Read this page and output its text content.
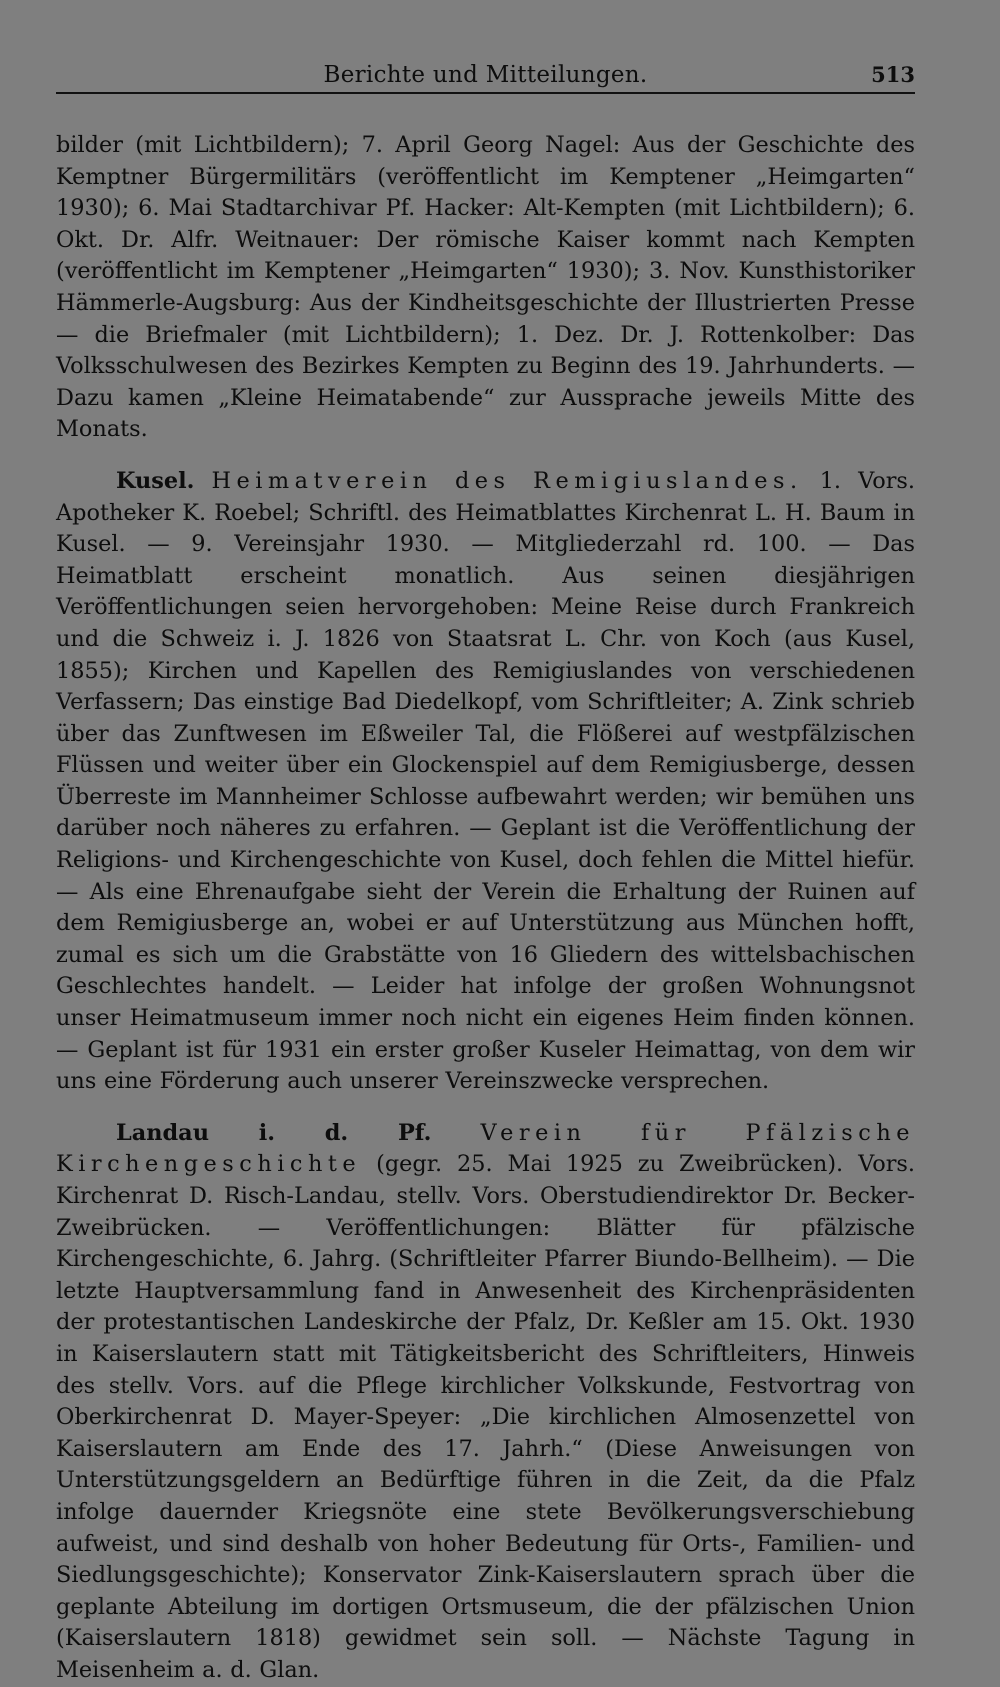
Berichte und Mitteilungen.	513

bilder (mit Lichtbildern); 7. April Georg Nagel: Aus der Geschichte des Kemptner Bürgermilitärs (veröffentlicht im Kemptener „Heimgarten“ 1930); 6. Mai Stadtarchivar Pf. Hacker: Alt-Kempten (mit Lichtbildern); 6. Okt. Dr. Alfr. Weitnauer: Der römische Kaiser kommt nach Kempten (veröffentlicht im Kemptener „Heimgarten“ 1930); 3. Nov. Kunsthistoriker Hämmerle-Augsburg: Aus der Kindheitsgeschichte der Illustrierten Presse — die Briefmaler (mit Lichtbildern); 1. Dez. Dr. J. Rottenkolber: Das Volksschulwesen des Bezirkes Kempten zu Beginn des 19. Jahrhunderts. — Dazu kamen „Kleine Heimatabende“ zur Aussprache jeweils Mitte des Monats.

Kusel. Heimatverein des Remigiuslandes. 1. Vors. Apotheker K. Roebel; Schriftl. des Heimatblattes Kirchenrat L. H. Baum in Kusel. — 9. Vereinsjahr 1930. — Mitgliederzahl rd. 100. — Das Heimatblatt erscheint monatlich. Aus seinen diesjährigen Veröffentlichungen seien hervorgehoben: Meine Reise durch Frankreich und die Schweiz i. J. 1826 von Staatsrat L. Chr. von Koch (aus Kusel, 1855); Kirchen und Kapellen des Remigiuslandes von verschiedenen Verfassern; Das einstige Bad Diedelkopf, vom Schriftleiter; A. Zink schrieb über das Zunftwesen im Eßweiler Tal, die Flößerei auf westpfälzischen Flüssen und weiter über ein Glockenspiel auf dem Remigiusberge, dessen Überreste im Mannheimer Schlosse aufbewahrt werden; wir bemühen uns darüber noch näheres zu erfahren. — Geplant ist die Veröffentlichung der Religions- und Kirchengeschichte von Kusel, doch fehlen die Mittel hiefür. — Als eine Ehrenaufgabe sieht der Verein die Erhaltung der Ruinen auf dem Remigiusberge an, wobei er auf Unterstützung aus München hofft, zumal es sich um die Grabstätte von 16 Gliedern des wittelsbachischen Geschlechtes handelt. — Leider hat infolge der großen Wohnungsnot unser Heimatmuseum immer noch nicht ein eigenes Heim finden können. — Geplant ist für 1931 ein erster großer Kuseler Heimattag, von dem wir uns eine Förderung auch unserer Vereinszwecke versprechen.

Landau i. d. Pf. Verein für Pfälzische Kirchengeschichte (gegr. 25. Mai 1925 zu Zweibrücken). Vors. Kirchenrat D. Risch-Landau, stellv. Vors. Oberstudiendirektor Dr. Becker-Zweibrücken. — Veröffentlichungen: Blätter für pfälzische Kirchengeschichte, 6. Jahrg. (Schriftleiter Pfarrer Biundo-Bellheim). — Die letzte Hauptversammlung fand in Anwesenheit des Kirchenpräsidenten der protestantischen Landeskirche der Pfalz, Dr. Keßler am 15. Okt. 1930 in Kaiserslautern statt mit Tätigkeitsbericht des Schriftleiters, Hinweis des stellv. Vors. auf die Pflege kirchlicher Volkskunde, Festvortrag von Oberkirchenrat D. Mayer-Speyer: „Die kirchlichen Almosenzettel von Kaiserslautern am Ende des 17. Jahrh.“ (Diese Anweisungen von Unterstützungsgeldern an Bedürftige führen in die Zeit, da die Pfalz infolge dauernder Kriegsnöte eine stete Bevölkerungsverschiebung aufweist, und sind deshalb von hoher Bedeutung für Orts-, Familien- und Siedlungsgeschichte); Konservator Zink-Kaiserslautern sprach über die geplante Abteilung im dortigen Ortsmuseum, die der pfälzischen Union (Kaiserslautern 1818) gewidmet sein soll. — Nächste Tagung in Meisenheim a. d. Glan.
